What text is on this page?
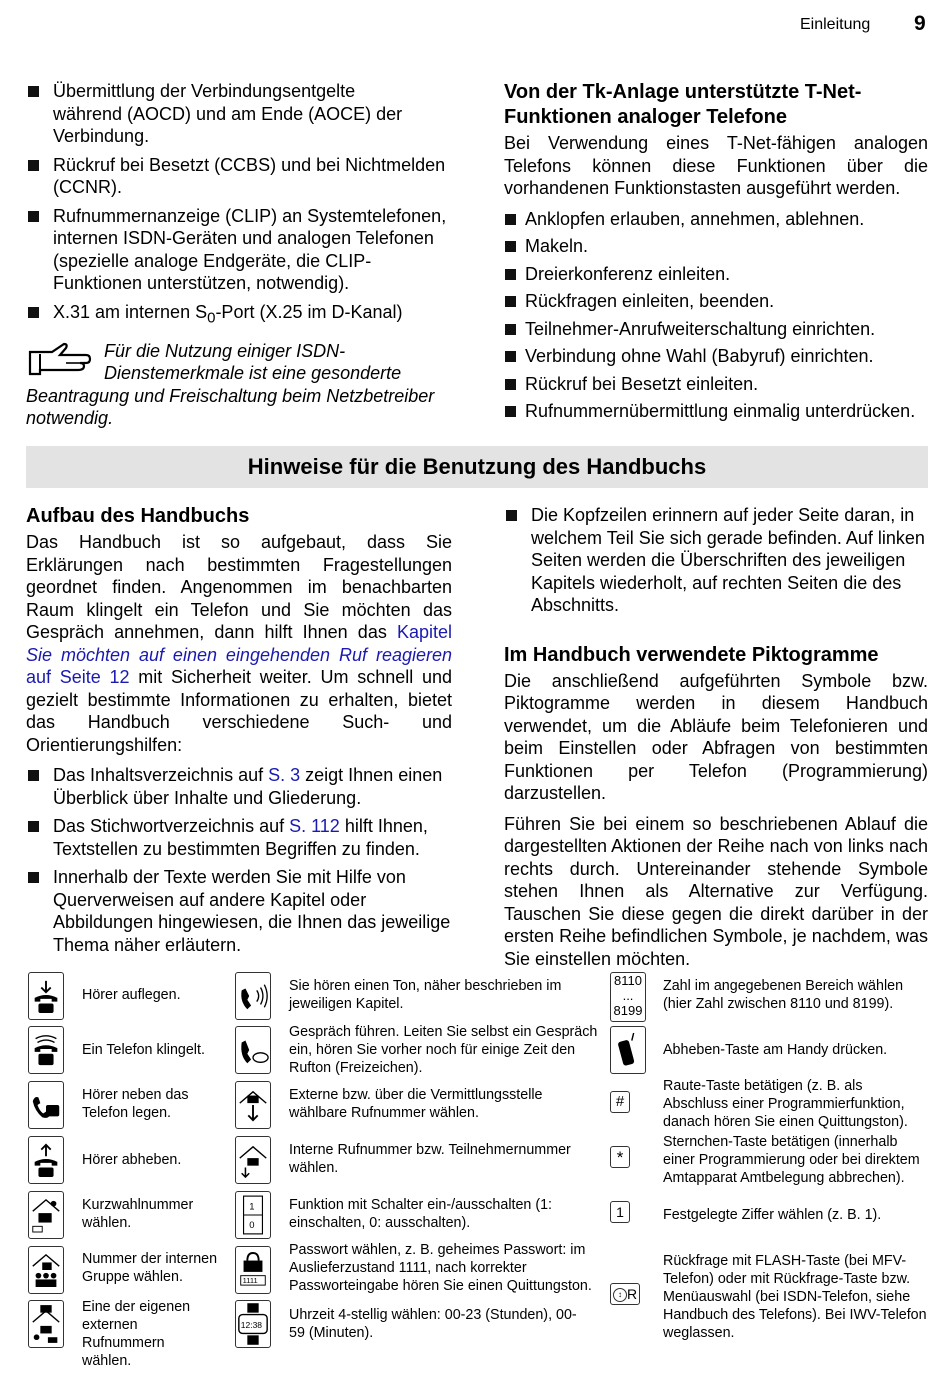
Einleitung 9
Übermittlung der Verbindungsentgelte während (AOCD) und am Ende (AOCE) der Verbindung.
Rückruf bei Besetzt (CCBS) und bei Nichtmelden (CCNR).
Rufnummernanzeige (CLIP) an Systemtelefonen, internen ISDN-Geräten und analogen Telefonen (spezielle analoge Endgeräte, die CLIP-Funktionen unterstützen, notwendig).
X.31 am internen $S_0$-Port (X.25 im D-Kanal)
Für die Nutzung einiger ISDN-Dienstemerkmale ist eine gesonderte Beantragung und Freischaltung beim Netzbetreiber notwendig.
Von der Tk-Anlage unterstützte T-Net-Funktionen analoger Telefone

Bei Verwendung eines T-Net-fähigen analogen Telefons können diese Funktionen über die vorhandenen Funktionstasten ausgeführt werden.

Anklopfen erlauben, annehmen, ablehnen.
Makeln.
Dreierkonferenz einleiten.
Rückfragen einleiten, beenden.
Teilnehmer-Anrufweiterschaltung einrichten.
Verbindung ohne Wahl (Babyruf) einrichten.
Rückruf bei Besetzt einleiten.
Rufnummernübermittlung einmalig unterdrücken.
Hinweise für die Benutzung des Handbuchs
Aufbau des Handbuchs

Das Handbuch ist so aufgebaut, dass Sie Erklärungen nach bestimmten Fragestellungen geordnet finden. Angenommen im benachbarten Raum klingelt ein Telefon und Sie möchten das Gespräch annehmen, dann hilft Ihnen das Kapitel Sie möchten auf einen eingehenden Ruf reagieren auf Seite 12 mit Sicherheit weiter. Um schnell und gezielt bestimmte Informationen zu erhalten, bietet das Handbuch verschiedene Such- und Orientierungshilfen:

Das Inhaltsverzeichnis auf S. 3 zeigt Ihnen einen Überblick über Inhalte und Gliederung.
Das Stichwortverzeichnis auf S. 112 hilft Ihnen, Textstellen zu bestimmten Begriffen zu finden.
Innerhalb der Texte werden Sie mit Hilfe von Querverweisen auf andere Kapitel oder Abbildungen hingewiesen, die Ihnen das jeweilige Thema näher erläutern.
Die Kopfzeilen erinnern auf jeder Seite daran, in welchem Teil Sie sich gerade befinden. Auf linken Seiten werden die Überschriften des jeweiligen Kapitels wiederholt, auf rechten Seiten die des Abschnitts.
Im Handbuch verwendete Piktogramme

Die anschließend aufgeführten Symbole bzw. Piktogramme werden in diesem Handbuch verwendet, um die Abläufe beim Telefonieren und beim Einstellen oder Abfragen von bestimmten Funktionen per Telefon (Programmierung) darzustellen.

Führen Sie bei einem so beschriebenen Ablauf die dargestellten Aktionen der Reihe nach von links nach rechts durch. Untereinander stehende Symbole stehen Ihnen als Alternative zur Verfügung. Tauschen Sie diese gegen die direkt darüber in der ersten Reihe befindlichen Symbole, je nachdem, was Sie einstellen möchten.

Hörer auflegen.
Ein Telefon klingelt.
Hörer neben das Telefon legen.
Hörer abheben.
Kurzwahlnummer wählen.
Nummer der internen Gruppe wählen.
Eine der eigenen externen Rufnummern wählen.
Sie hören einen Ton, näher beschrieben im jeweiligen Kapitel.
Gespräch führen. Leiten Sie selbst ein Gespräch ein, hören Sie vorher noch für einige Zeit den Rufton (Freizeichen).
Externe bzw. über die Vermittlungsstelle wählbare Rufnummer wählen.
Interne Rufnummer bzw. Teilnehmernummer wählen.
1
0
Funktion mit Schalter ein-/ausschalten (1: einschalten, 0: ausschalten).
1111
Passwort wählen, z. B. geheimes Passwort: im Auslieferzustand 1111, nach korrekter Passworteingabe hören Sie einen Quittungston.
12:38
Uhrzeit 4-stellig wählen: 00-23 (Stunden), 00-59 (Minuten).
8110
...
8199
Zahl im angegebenen Bereich wählen (hier Zahl zwischen 8110 und 8199).
Abheben-Taste am Handy drücken.
#
Raute-Taste betätigen (z. B. als Abschluss einer Programmierfunktion, danach hören Sie einen Quittungston).
*
Sternchen-Taste betätigen (innerhalb einer Programmierung oder bei direktem Amtapparat Amtbelegung abbrechen).
1	Festgelegte Ziffer wählen (z. B. 1).
↕ R
Rückfrage mit FLASH-Taste (bei MFV-Telefon) oder mit Rückfrage-Taste bzw. Menüauswahl (bei ISDN-Telefon, siehe Handbuch des Telefons). Bei IWV-Telefon weglassen.
